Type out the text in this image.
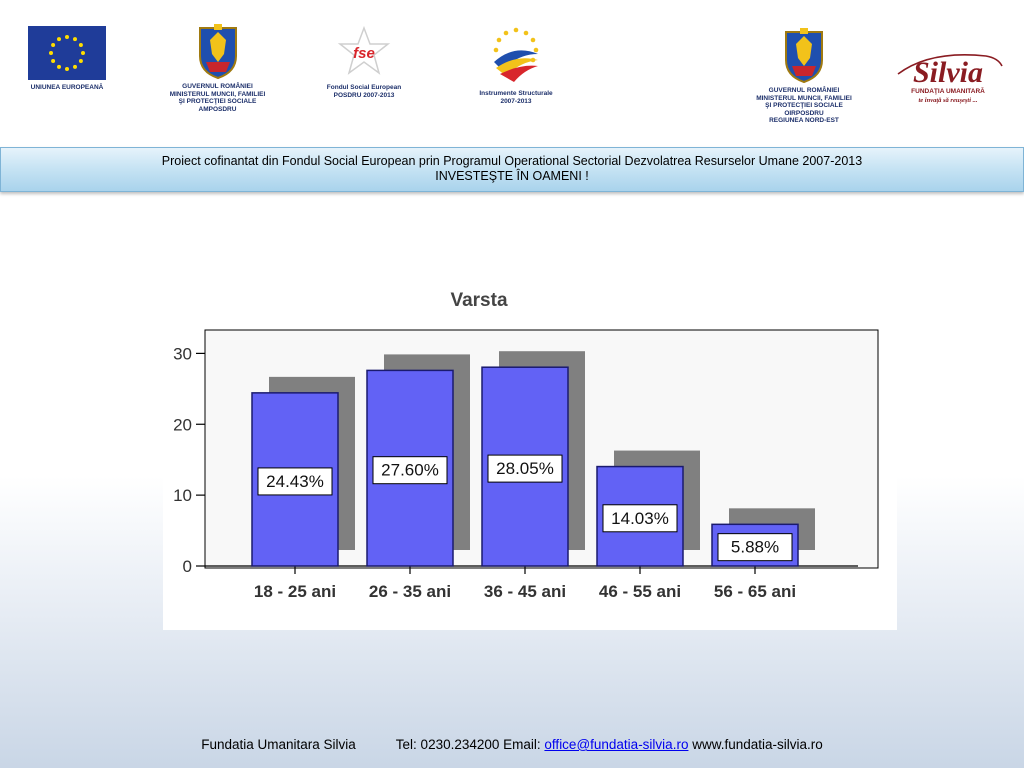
UNIUNEA EUROPEANĂ	GUVERNUL ROMÂNIEI
MINISTERUL MUNCII, FAMILIEI
ŞI PROTECŢIEI SOCIALE
AMPOSDRU
fse
Fondul Social European
POSDRU 2007-2013	Instrumente Structurale
2007-2013
GUVERNUL ROMÂNIEI
MINISTERUL MUNCII, FAMILIEI
ŞI PROTECŢIEI SOCIALE
OIRPOSDRU
REGIUNEA NORD-EST
Silvia
FUNDAŢIA UMANITARĂ
te învaţă să reuşeşti ...
Proiect cofinantat din Fondul Social European prin Programul Operational Sectorial Dezvolatrea Resurselor Umane 2007-2013
INVESTEŞTE ÎN OAMENI !
Varsta
0
10
20
30
18 - 25 ani 26 - 35 ani 36 - 45 ani 46 - 55 ani 56 - 65 ani
24.43%
27.60%	28.05%
14.03%
5.88%
Fundatia Umanitara Silvia	Tel: 0230.234200 Email: office@fundatia-silvia.ro www.fundatia-silvia.ro
